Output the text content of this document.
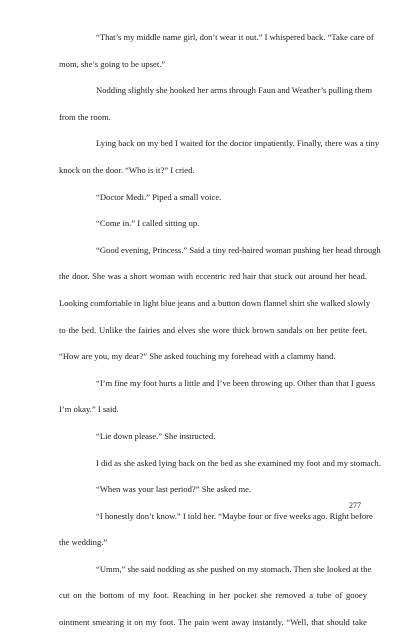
“That’s my middle name girl, don’t wear it out.” I whispered back. “Take care of
mom, she’s going to be upset.”
Nodding slightly she hooked her arms through Faun and Weather’s pulling them
from the room.
Lying back on my bed I waited for the doctor impatiently. Finally, there was a tiny
knock on the door. “Who is it?” I cried.
“Doctor Medi.” Piped a small voice.
“Come in.” I called sitting up.
“Good evening, Princess.” Said a tiny red-haired woman pushing her head through
the door. She was a short woman with eccentric red hair that stuck out around her head.
Looking comfortable in light blue jeans and a button down flannel shirt she walked slowly
to the bed. Unlike the fairies and elves she wore thick brown sandals on her petite feet.
“How are you, my dear?” She asked touching my forehead with a clammy hand.
“I’m fine my foot hurts a little and I’ve been throwing up. Other than that I guess
I’m okay.” I said.
“Lie down please.” She instructed.
I did as she asked lying back on the bed as she examined my foot and my stomach.
“When was your last period?” She asked me.
“I honestly don’t know.” I told her. “Maybe four or five weeks ago. Right before
the wedding.”
“Umm,” she said nodding as she pushed on my stomach. Then she looked at the
cut on the bottom of my foot. Reaching in her pocket she removed a tube of gooey
ointment smearing it on my foot. The pain went away instantly. “Well, that should take
277
